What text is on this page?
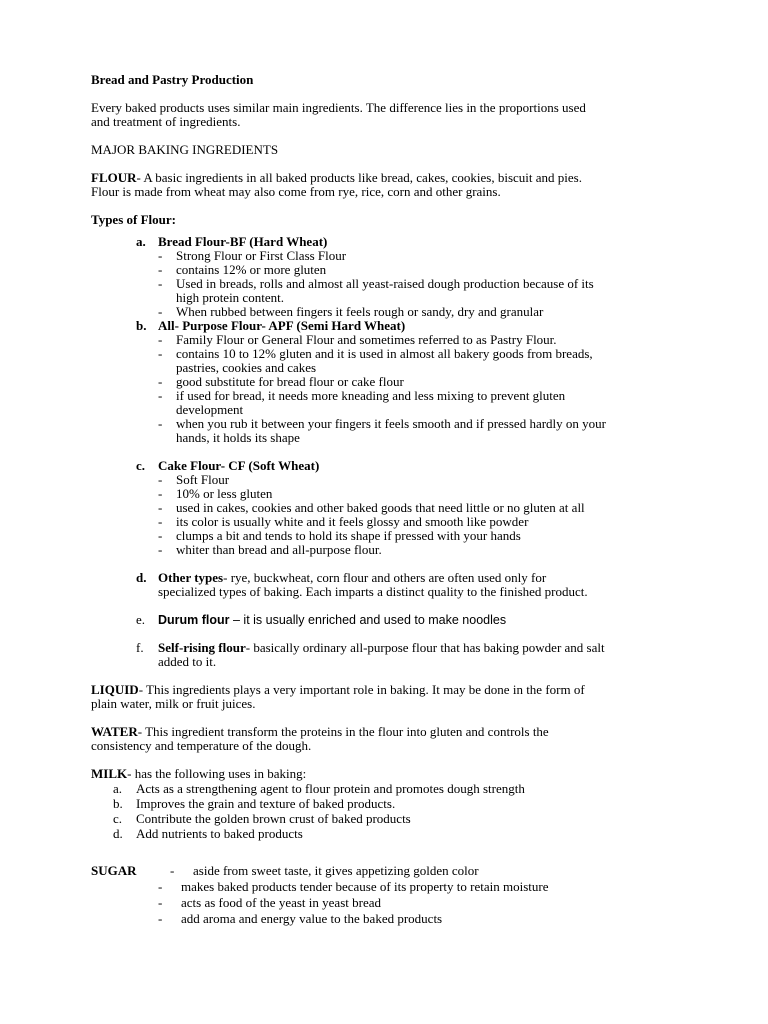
Bread and Pastry Production
Every baked products uses similar main ingredients. The difference lies in the proportions used
and treatment of ingredients.
MAJOR BAKING INGREDIENTS
FLOUR- A basic ingredients in all baked products like bread, cakes, cookies, biscuit and pies.
Flour is made from wheat may also come from rye, rice, corn and other grains.
Types of Flour:
a. Bread Flour-BF (Hard Wheat)
- Strong Flour or First Class Flour
- contains 12% or more gluten
- Used in breads, rolls and almost all yeast-raised dough production because of its
high protein content.
- When rubbed between fingers it feels rough or sandy, dry and granular
b. All- Purpose Flour- APF (Semi Hard Wheat)
- Family Flour or General Flour and sometimes referred to as Pastry Flour.
- contains 10 to 12% gluten and it is used in almost all bakery goods from breads,
pastries, cookies and cakes
- good substitute for bread flour or cake flour
- if used for bread, it needs more kneading and less mixing to prevent gluten
development
- when you rub it between your fingers it feels smooth and if pressed hardly on your
hands, it holds its shape
c. Cake Flour- CF (Soft Wheat)
- Soft Flour
- 10% or less gluten
- used in cakes, cookies and other baked goods that need little or no gluten at all
- its color is usually white and it feels glossy and smooth like powder
- clumps a bit and tends to hold its shape if pressed with your hands
- whiter than bread and all-purpose flour.
d. Other types- rye, buckwheat, corn flour and others are often used only for
specialized types of baking. Each imparts a distinct quality to the finished product.
e. Durum flour – it is usually enriched and used to make noodles
f. Self-rising flour- basically ordinary all-purpose flour that has baking powder and salt
added to it.
LIQUID- This ingredients plays a very important role in baking. It may be done in the form of
plain water, milk or fruit juices.
WATER- This ingredient transform the proteins in the flour into gluten and controls the
consistency and temperature of the dough.
MILK- has the following uses in baking:
a. Acts as a strengthening agent to flour protein and promotes dough strength
b. Improves the grain and texture of baked products.
c. Contribute the golden brown crust of baked products
d. Add nutrients to baked products
SUGAR	- aside from sweet taste, it gives appetizing golden color
- makes baked products tender because of its property to retain moisture
- acts as food of the yeast in yeast bread
- add aroma and energy value to the baked products
